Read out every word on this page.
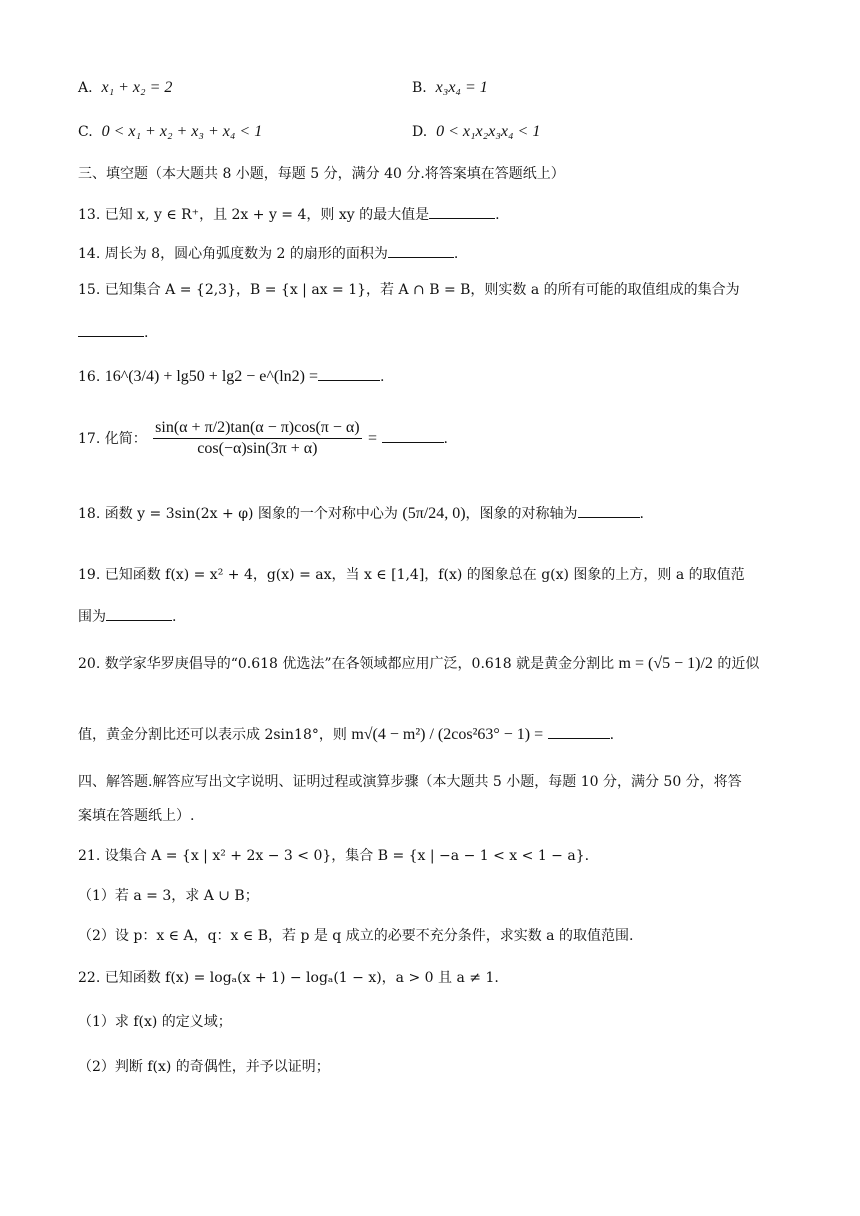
A. x₁ + x₂ = 2	B. x₃x₄ = 1
C. 0 < x₁ + x₂ + x₃ + x₄ < 1	D. 0 < x₁x₂x₃x₄ < 1
三、填空题（本大题共 8 小题，每题 5 分，满分 40 分.将答案填在答题纸上）
13. 已知 x, y ∈ R⁺，且 2x + y = 4，则 xy 的最大值是	.
14. 周长为 8，圆心角弧度数为 2 的扇形的面积为	.
15. 已知集合 A = {2,3}，B = {x | ax = 1}，若 A ∩ B = B，则实数 a 的所有可能的取值组成的集合为
.
16. 16^(3/4) + lg50 + lg2 − e^(ln2) =	.
17. 化简： $\frac{\sin(\alpha + \pi/2)\tan(\alpha - \pi)\cos(\pi - \alpha)}{\cos(-\alpha)\sin(3\pi + \alpha)}$ =	.
18. 函数 y = 3sin(2x + φ) 图象的一个对称中心为 (5π/24, 0)，图象的对称轴为	.
19. 已知函数 f(x) = x² + 4，g(x) = ax，当 x ∈ [1,4]，f(x) 的图象总在 g(x) 图象的上方，则 a 的取值范
围为	.
20. 数学家华罗庚倡导的“0.618 优选法”在各领域都应用广泛，0.618 就是黄金分割比 m = (√5 − 1)/2 的近似
值，黄金分割比还可以表示成 2sin18°，则 m√(4 − m²) / (2cos²63° − 1) =	.
四、解答题.解答应写出文字说明、证明过程或演算步骤（本大题共 5 小题，每题 10 分，满分 50 分，将答
案填在答题纸上）.
21. 设集合 A = {x | x² + 2x − 3 < 0}，集合 B = {x | −a − 1 < x < 1 − a}.
（1）若 a = 3，求 A ∪ B；
（2）设 p：x ∈ A，q：x ∈ B，若 p 是 q 成立的必要不充分条件，求实数 a 的取值范围.
22. 已知函数 f(x) = logₐ(x + 1) − logₐ(1 − x)，a > 0 且 a ≠ 1.
（1）求 f(x) 的定义域；
（2）判断 f(x) 的奇偶性，并予以证明；
